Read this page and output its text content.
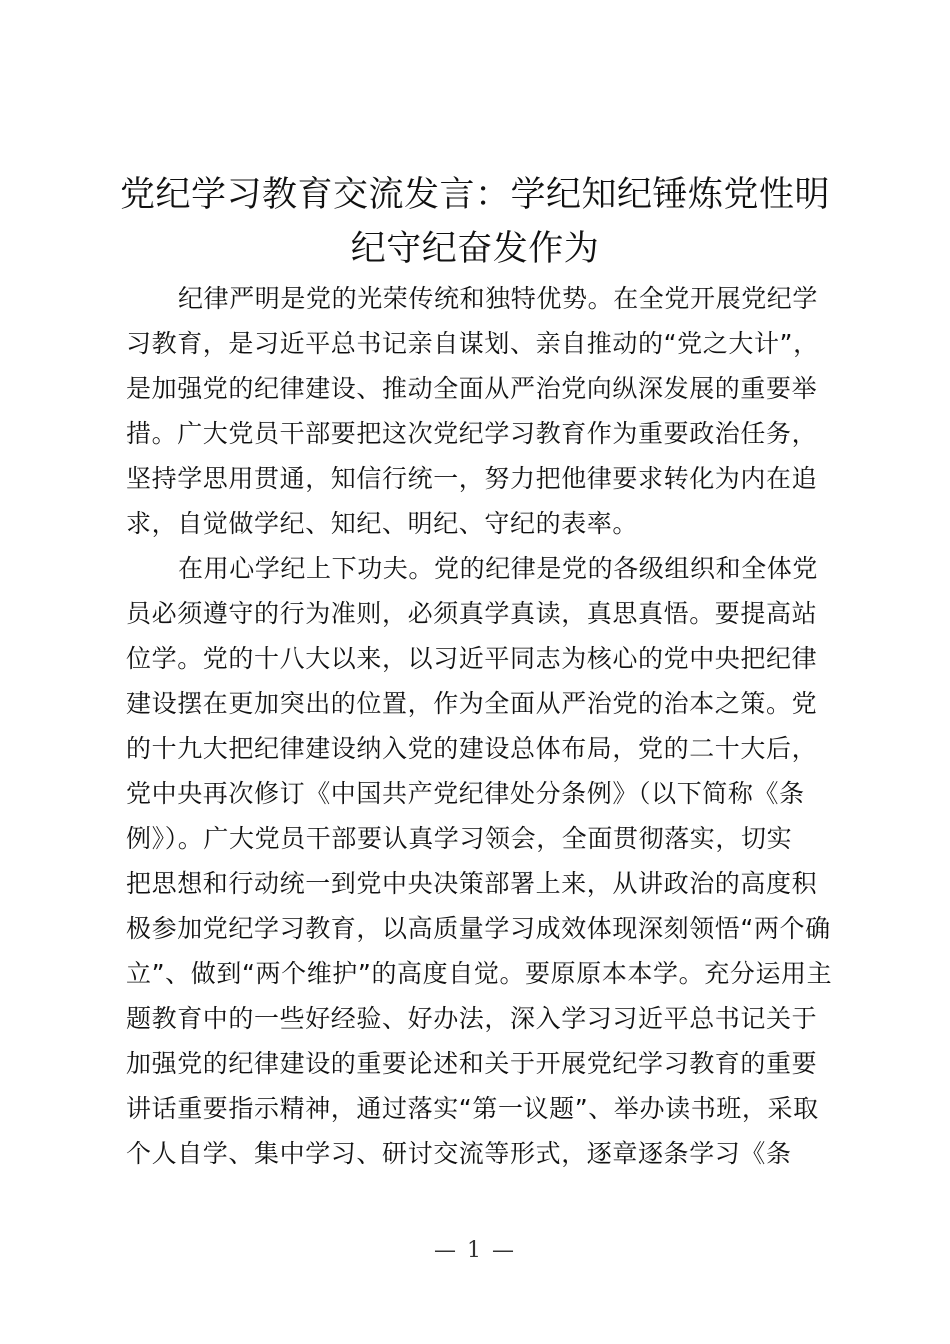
党纪学习教育交流发言：学纪知纪锤炼党性明
纪守纪奋发作为
纪律严明是党的光荣传统和独特优势。在全党开展党纪学
习教育，是习近平总书记亲自谋划、亲自推动的“党之大计”，
是加强党的纪律建设、推动全面从严治党向纵深发展的重要举
措。广大党员干部要把这次党纪学习教育作为重要政治任务，
坚持学思用贯通，知信行统一，努力把他律要求转化为内在追
求，自觉做学纪、知纪、明纪、守纪的表率。
在用心学纪上下功夫。党的纪律是党的各级组织和全体党
员必须遵守的行为准则，必须真学真读，真思真悟。要提高站
位学。党的十八大以来，以习近平同志为核心的党中央把纪律
建设摆在更加突出的位置，作为全面从严治党的治本之策。党
的十九大把纪律建设纳入党的建设总体布局，党的二十大后，
党中央再次修订《中国共产党纪律处分条例》（以下简称《条
例》）。广大党员干部要认真学习领会，全面贯彻落实，切实
把思想和行动统一到党中央决策部署上来，从讲政治的高度积
极参加党纪学习教育，以高质量学习成效体现深刻领悟“两个确
立”、做到“两个维护”的高度自觉。要原原本本学。充分运用主
题教育中的一些好经验、好办法，深入学习习近平总书记关于
加强党的纪律建设的重要论述和关于开展党纪学习教育的重要
讲话重要指示精神，通过落实“第一议题”、举办读书班，采取
个人自学、集中学习、研讨交流等形式，逐章逐条学习《条
— 1 —
